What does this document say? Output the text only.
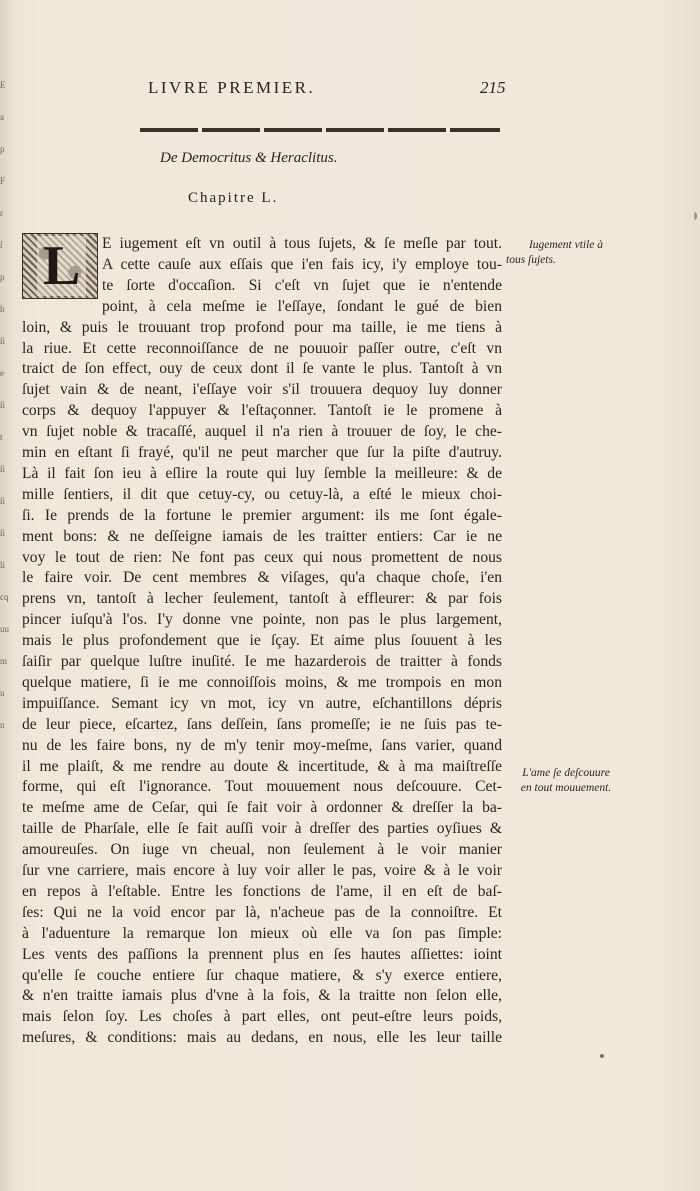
E
a
p
F
r
ſ
p
h
ſi
e
ſi
t
ſi
ſi
ſi
li
cq
uu
m
u
n
LIVRE PREMIER.	215
De Democritus & Heraclitus.
Chapitre L.
L	E iugement eſt vn outil à tous ſujets, & ſe meſle par tout.
A cette cauſe aux eſſais que i'en fais icy, i'y employe tou-
te ſorte d'occaſion. Si c'eſt vn ſujet que ie n'entende
point, à cela meſme ie l'eſſaye, ſondant le gué de bien
loin, & puis le trouuant trop profond pour ma taille, ie me tiens à
la riue. Et cette reconnoiſſance de ne pouuoir paſſer outre, c'eſt vn
traict de ſon effect, ouy de ceux dont il ſe vante le plus. Tantoſt à vn
ſujet vain & de neant, i'eſſaye voir s'il trouuera dequoy luy donner
corps & dequoy l'appuyer & l'eſtaçonner. Tantoſt ie le promene à
vn ſujet noble & tracaſſé, auquel il n'a rien à trouuer de ſoy, le che-
min en eſtant ſi frayé, qu'il ne peut marcher que ſur la piſte d'autruy.
Là il fait ſon ieu à eſlire la route qui luy ſemble la meilleure: & de
mille ſentiers, il dit que cetuy-cy, ou cetuy-là, a eſté le mieux choi-
ſi. Ie prends de la fortune le premier argument: ils me ſont égale-
ment bons: & ne deſſeigne iamais de les traitter entiers: Car ie ne
voy le tout de rien: Ne font pas ceux qui nous promettent de nous
le faire voir. De cent membres & viſages, qu'a chaque choſe, i'en
prens vn, tantoſt à lecher ſeulement, tantoſt à effleurer: & par fois
pincer iuſqu'à l'os. I'y donne vne pointe, non pas le plus largement,
mais le plus profondement que ie ſçay. Et aime plus ſouuent à les
ſaiſir par quelque luſtre inuſité. Ie me hazarderois de traitter à fonds
quelque matiere, ſi ie me connoiſſois moins, & me trompois en mon
impuiſſance. Semant icy vn mot, icy vn autre, eſchantillons dépris
de leur piece, eſcartez, ſans deſſein, ſans promeſſe; ie ne ſuis pas te-
nu de les faire bons, ny de m'y tenir moy-meſme, ſans varier, quand
il me plaiſt, & me rendre au doute & incertitude, & à ma maiſtreſſe
forme, qui eſt l'ignorance. Tout mouuement nous deſcouure. Cet-
te meſme ame de Ceſar, qui ſe fait voir à ordonner & dreſſer la ba-
taille de Pharſale, elle ſe fait auſſi voir à dreſſer des parties oyſiues &
amoureuſes. On iuge vn cheual, non ſeulement à le voir manier
ſur vne carriere, mais encore à luy voir aller le pas, voire & à le voir
en repos à l'eſtable. Entre les fonctions de l'ame, il en eſt de baſ-
ſes: Qui ne la void encor par là, n'acheue pas de la connoiſtre. Et
à l'aduenture la remarque lon mieux où elle va ſon pas ſimple:
Les vents des paſſions la prennent plus en ſes hautes aſſiettes: ioint
qu'elle ſe couche entiere ſur chaque matiere, & s'y exerce entiere,
& n'en traitte iamais plus d'vne à la fois, & la traitte non ſelon elle,
mais ſelon ſoy. Les choſes à part elles, ont peut-eſtre leurs poids,
meſures, & conditions: mais au dedans, en nous, elle les leur taille
Iugement vtile à
tous ſujets.
L'ame ſe deſcouure
en tout mouuement.
